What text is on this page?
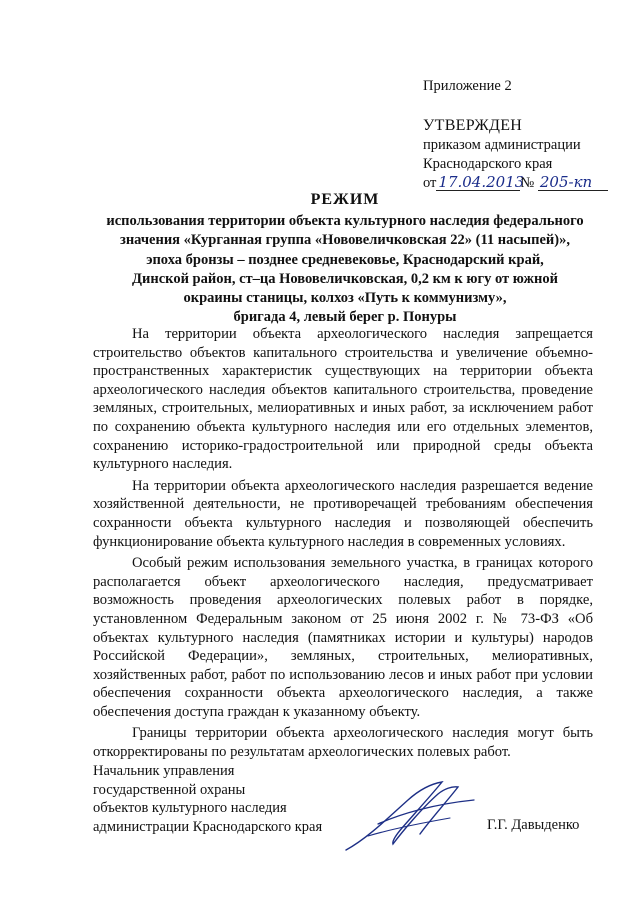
Приложение 2
УТВЕРЖДЕН
приказом администрации
Краснодарского края
от 17.04.2013№ 205-кп
РЕЖИМ
использования территории объекта культурного наследия федерального
значения «Курганная группа «Нововеличковская 22» (11 насыпей)»,
эпоха бронзы – позднее средневековье, Краснодарский край,
Динской район, ст–ца Нововеличковская, 0,2 км к югу от южной
окраины станицы, колхоз «Путь к коммунизму»,
бригада 4, левый берег р. Понуры

На территории объекта археологического наследия запрещается строительство объектов капитального строительства и увеличение объемно-пространственных характеристик существующих на территории объекта археологического наследия объектов капитального строительства, проведение земляных, строительных, мелиоративных и иных работ, за исключением работ по сохранению объекта культурного наследия или его отдельных элементов, сохранению историко-градостроительной или природной среды объекта культурного наследия.

На территории объекта археологического наследия разрешается ведение хозяйственной деятельности, не противоречащей требованиям обеспечения сохранности объекта культурного наследия и позволяющей обеспечить функционирование объекта культурного наследия в современных условиях.

Особый режим использования земельного участка, в границах которого располагается объект археологического наследия, предусматривает возможность проведения археологических полевых работ в порядке, установленном Федеральным законом от 25 июня 2002 г. № 73-ФЗ «Об объектах культурного наследия (памятниках истории и культуры) народов Российской Федерации», земляных, строительных, мелиоративных, хозяйственных работ, работ по использованию лесов и иных работ при условии обеспечения сохранности объекта археологического наследия, а также обеспечения доступа граждан к указанному объекту.

Границы территории объекта археологического наследия могут быть откорректированы по результатам археологических полевых работ.

Начальник управления
государственной охраны
объектов культурного наследия
администрации Краснодарского края	Г.Г. Давыденко
